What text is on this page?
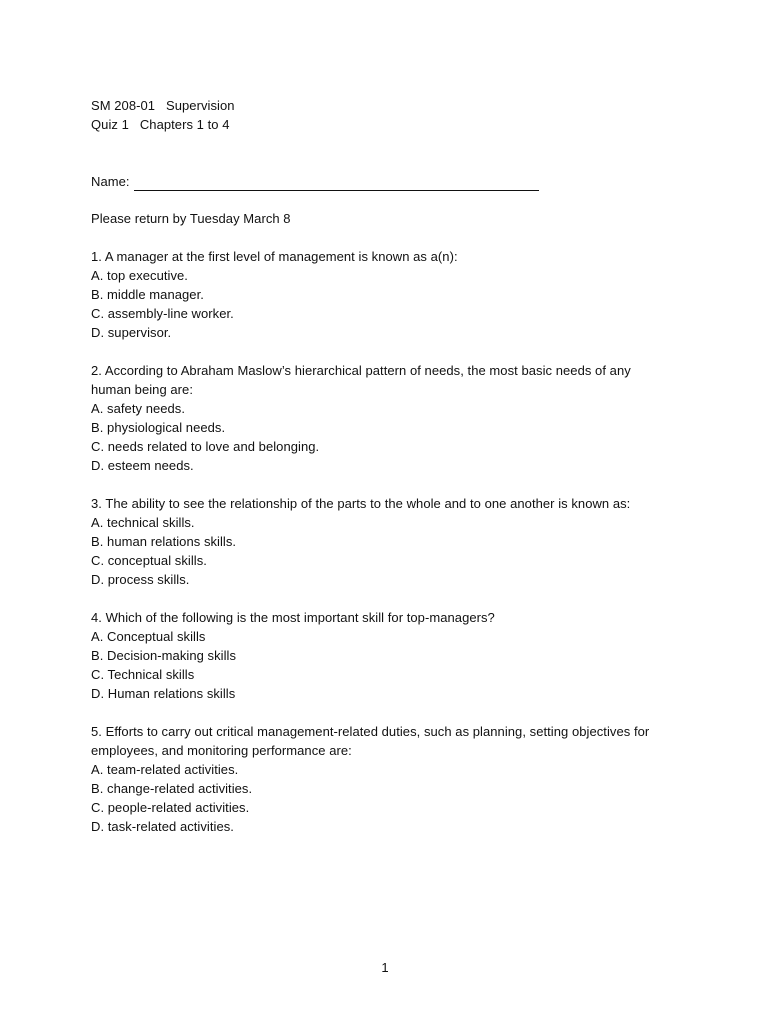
SM 208-01   Supervision
Quiz 1   Chapters 1 to 4
Name:
Please return by Tuesday March 8
1. A manager at the first level of management is known as a(n):
A. top executive.
B. middle manager.
C. assembly-line worker.
D. supervisor.
2. According to Abraham Maslow’s hierarchical pattern of needs, the most basic needs of any human being are:
A. safety needs.
B. physiological needs.
C. needs related to love and belonging.
D. esteem needs.
3. The ability to see the relationship of the parts to the whole and to one another is known as:
A. technical skills.
B. human relations skills.
C. conceptual skills.
D. process skills.
4. Which of the following is the most important skill for top-managers?
A. Conceptual skills
B. Decision-making skills
C. Technical skills
D. Human relations skills
5. Efforts to carry out critical management-related duties, such as planning, setting objectives for employees, and monitoring performance are:
A. team-related activities.
B. change-related activities.
C. people-related activities.
D. task-related activities.
1
